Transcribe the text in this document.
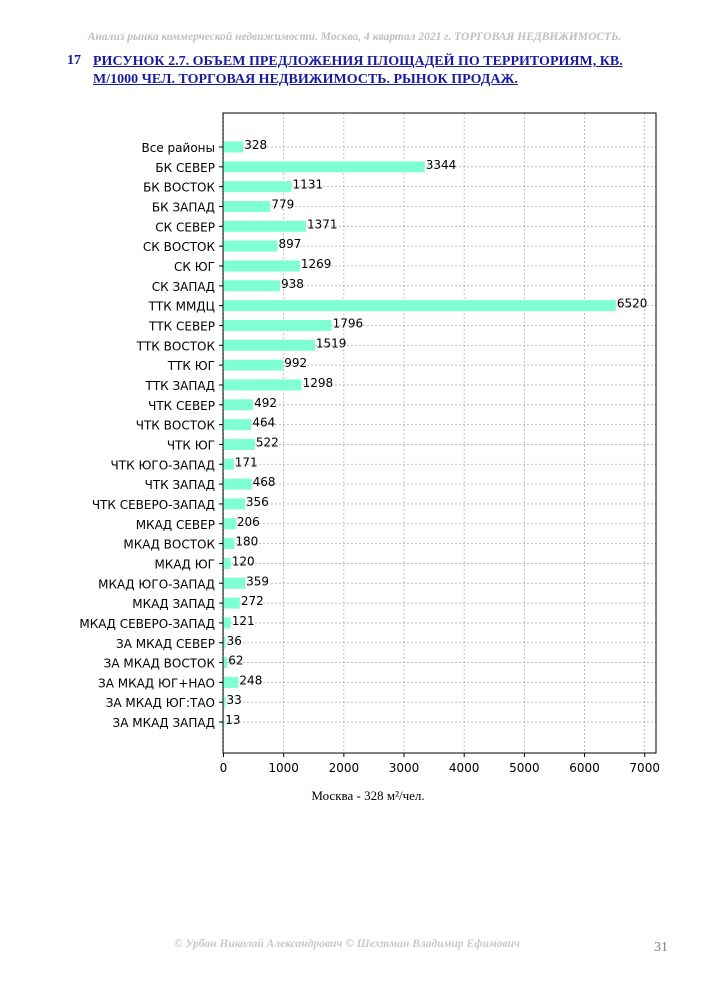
Анализ рынка коммерческой недвижимости. Москва, 4 квартал 2021 г. ТОРГОВАЯ НЕДВИЖИМОСТЬ.
17 РИСУНОК 2.7. ОБЪЕМ ПРЕДЛОЖЕНИЯ ПЛОЩАДЕЙ ПО ТЕРРИТОРИЯМ, КВ. М/1000 ЧЕЛ. ТОРГОВАЯ НЕДВИЖИМОСТЬ. РЫНОК ПРОДАЖ.
328
3344
1131
779
1371
897
1269
938
6520
1796
1519
992
1298
492
464
522
171
468
356
206
180
120
359
272
121
36
62
248
33
13
Все районы
БК СЕВЕР
БК ВОСТОК
БК ЗАПАД
СК СЕВЕР
СК ВОСТОК
СК ЮГ
СК ЗАПАД
ТТК ММДЦ
ТТК СЕВЕР
ТТК ВОСТОК
ТТК ЮГ
ТТК ЗАПАД
ЧТК СЕВЕР
ЧТК ВОСТОК
ЧТК ЮГ
ЧТК ЮГО-ЗАПАД
ЧТК ЗАПАД
ЧТК СЕВЕРО-ЗАПАД
МКАД СЕВЕР
МКАД ВОСТОК
МКАД ЮГ
МКАД ЮГО-ЗАПАД
МКАД ЗАПАД
МКАД СЕВЕРО-ЗАПАД
ЗА МКАД СЕВЕР
ЗА МКАД ВОСТОК
ЗА МКАД ЮГ+НАО
ЗА МКАД ЮГ:ТАО
ЗА МКАД ЗАПАД
0	1000 2000 3000 4000 5000 6000 7000
Москва - 328 м²/чел.
© Урбан Николай Александрович © Шехтман Владимир Ефимович	31
